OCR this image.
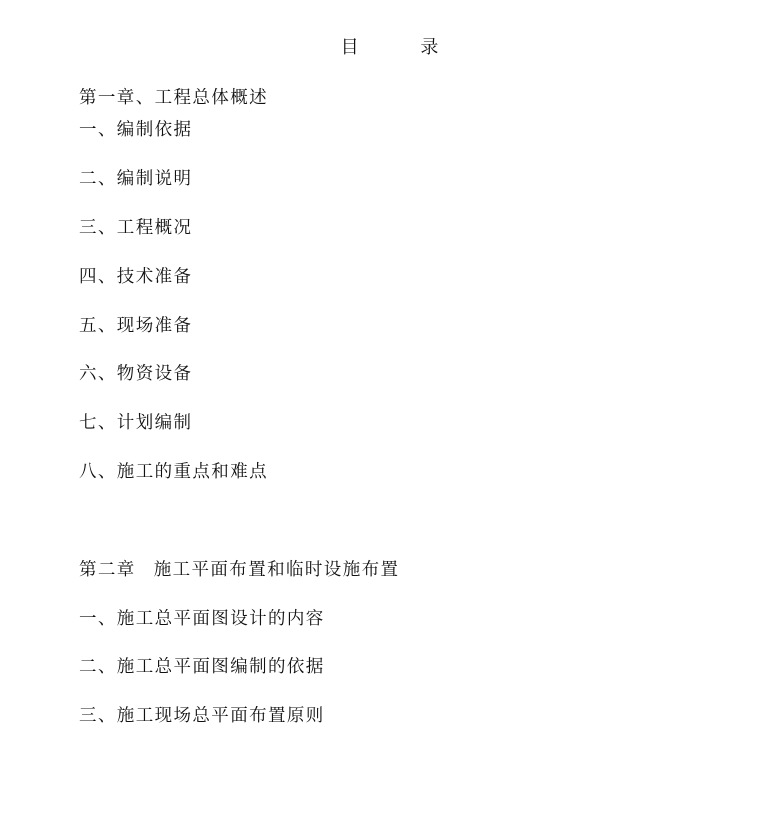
目 录
第一章、工程总体概述
一、编制依据
二、编制说明
三、工程概况
四、技术准备
五、现场准备
六、物资设备
七、计划编制
八、施工的重点和难点
第二章 施工平面布置和临时设施布置
一、施工总平面图设计的内容
二、施工总平面图编制的依据
三、施工现场总平面布置原则
